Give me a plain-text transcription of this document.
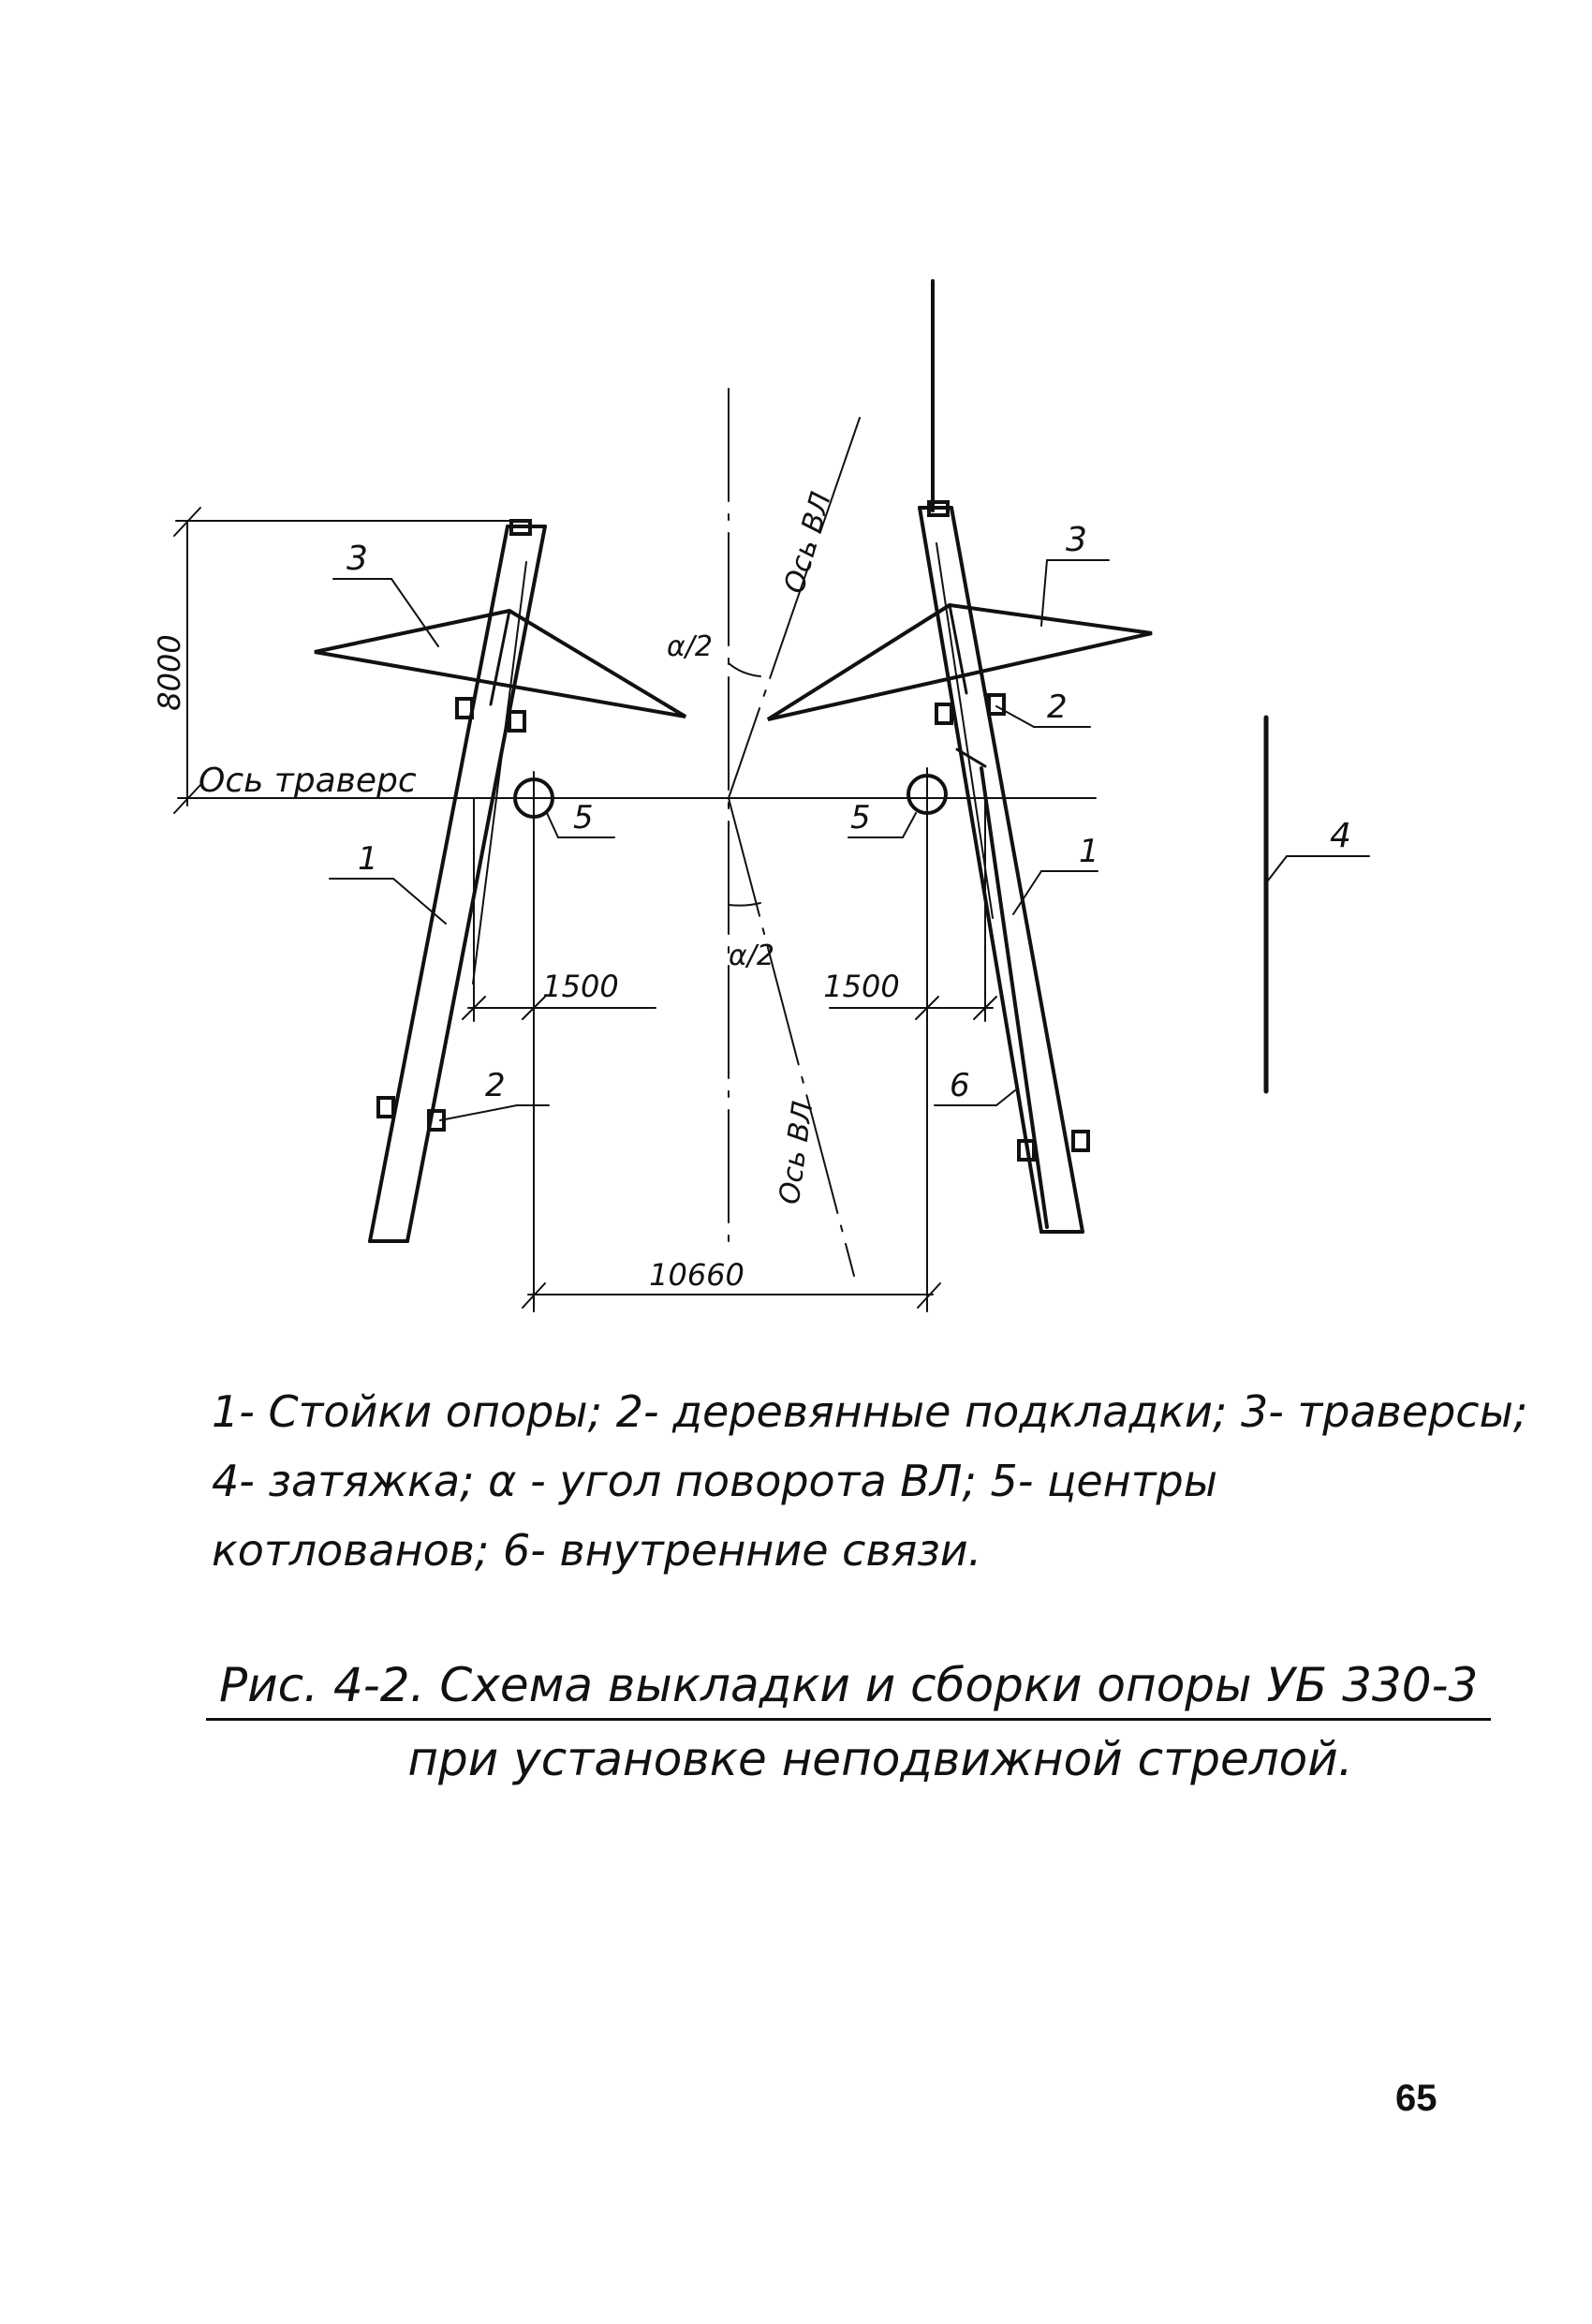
8000
Ось траверс
1500	1500
10660
Ось ВЛ
Ось ВЛ
α/2
α/2
1	1
2
2
3	3
4
5	5
6
1- Стойки опоры; 2- деревянные подкладки; 3- траверсы;
4- затяжка; α - угол поворота ВЛ; 5- центры
котлованов; 6- внутренние связи.
Рис. 4-2. Схема выкладки и сборки опоры УБ 330-3
при установке неподвижной стрелой.
65
